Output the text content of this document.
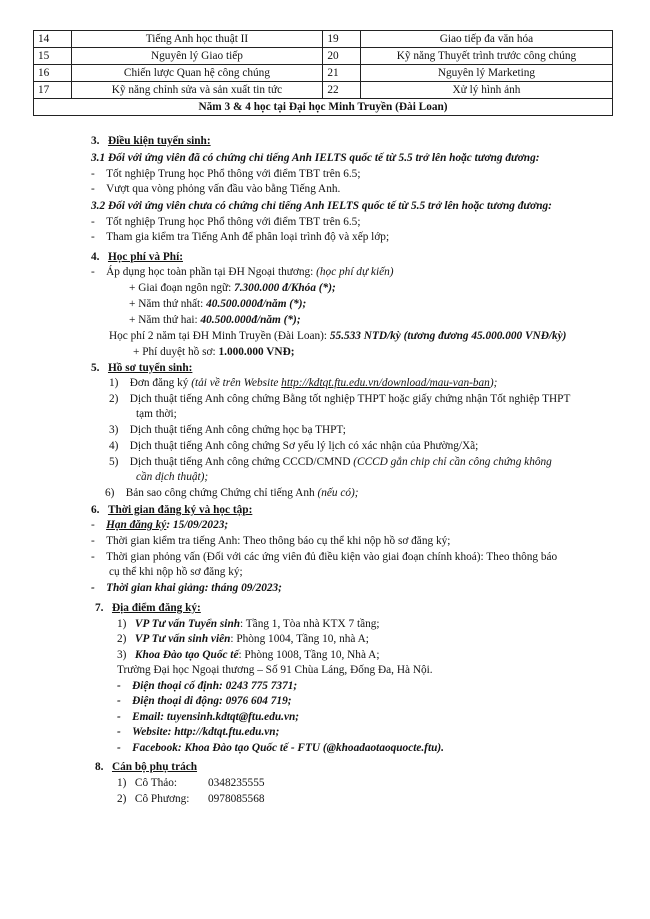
14	Tiếng Anh học thuật II	19	Giao tiếp đa văn hóa
15	Nguyên lý Giao tiếp	20	Kỹ năng Thuyết trình trước công chúng
16	Chiến lược Quan hệ công chúng	21	Nguyên lý Marketing
17	Kỹ năng chỉnh sửa và sản xuất tin tức	22	Xử lý hình ảnh
Năm 3 & 4 học tại Đại học Minh Truyền (Đài Loan)			
3. Điều kiện tuyển sinh:
3.1 Đối với ứng viên đã có chứng chỉ tiếng Anh IELTS quốc tế từ 5.5 trở lên hoặc tương đương:
-    Tốt nghiệp Trung học Phổ thông với điểm TBT trên 6.5;
-    Vượt qua vòng phỏng vấn đầu vào bằng Tiếng Anh.
3.2 Đối với ứng viên chưa có chứng chỉ tiếng Anh IELTS quốc tế từ 5.5 trở lên hoặc tương đương:
-    Tốt nghiệp Trung học Phổ thông với điểm TBT trên 6.5;
-    Tham gia kiểm tra Tiếng Anh để phân loại trình độ và xếp lớp;
4. Học phí và Phí:
-    Áp dụng học toàn phần tại ĐH Ngoại thương: (học phí dự kiến)
+ Giai đoạn ngôn ngữ: 7.300.000 đ/Khóa (*);
+ Năm thứ nhất: 40.500.000đ/năm (*);
+ Năm thứ hai: 40.500.000đ/năm (*);
Học phí 2 năm tại ĐH Minh Truyền (Đài Loan): 55.533 NTD/kỳ (tương đương 45.000.000 VNĐ/kỳ)
+ Phí duyệt hồ sơ: 1.000.000 VNĐ;
5. Hồ sơ tuyển sinh:
1) Đơn đăng ký (tải về trên Website http://kdtqt.ftu.edu.vn/download/mau-van-ban);
2) Dịch thuật tiếng Anh công chứng Bằng tốt nghiệp THPT hoặc giấy chứng nhận Tốt nghiệp THPT
tạm thời;
3) Dịch thuật tiếng Anh công chứng học bạ THPT;
4) Dịch thuật tiếng Anh công chứng Sơ yếu lý lịch có xác nhận của Phường/Xã;
5) Dịch thuật tiếng Anh công chứng CCCD/CMND (CCCD gắn chip chỉ cần công chứng không
cần dịch thuật);
6) Bản sao công chứng Chứng chỉ tiếng Anh (nếu có);
6. Thời gian đăng ký và học tập:
-    Hạn đăng ký: 15/09/2023;
-    Thời gian kiểm tra tiếng Anh: Theo thông báo cụ thể khi nộp hồ sơ đăng ký;
-    Thời gian phỏng vấn (Đối với các ứng viên đủ điều kiện vào giai đoạn chính khoá): Theo thông báo
cụ thể khi nộp hồ sơ đăng ký;
-    Thời gian khai giảng: tháng 09/2023;
7. Địa điểm đăng ký:
1) VP Tư vấn Tuyển sinh: Tầng 1, Tòa nhà KTX 7 tầng;
2) VP Tư vấn sinh viên: Phòng 1004, Tầng 10, nhà A;
3) Khoa Đào tạo Quốc tế: Phòng 1008, Tầng 10, Nhà A;
Trường Đại học Ngoại thương – Số 91 Chùa Láng, Đống Đa, Hà Nội.
-    Điện thoại cố định: 0243 775 7371;
-    Điện thoại di động: 0976 604 719;
-    Email: tuyensinh.kdtqt@ftu.edu.vn;
-    Website: http://kdtqt.ftu.edu.vn;
-    Facebook: Khoa Đào tạo Quốc tế - FTU (@khoadaotaoquocte.ftu).
8. Cán bộ phụ trách
1) Cô Thảo:	0348235555
2) Cô Phương: 0978085568
